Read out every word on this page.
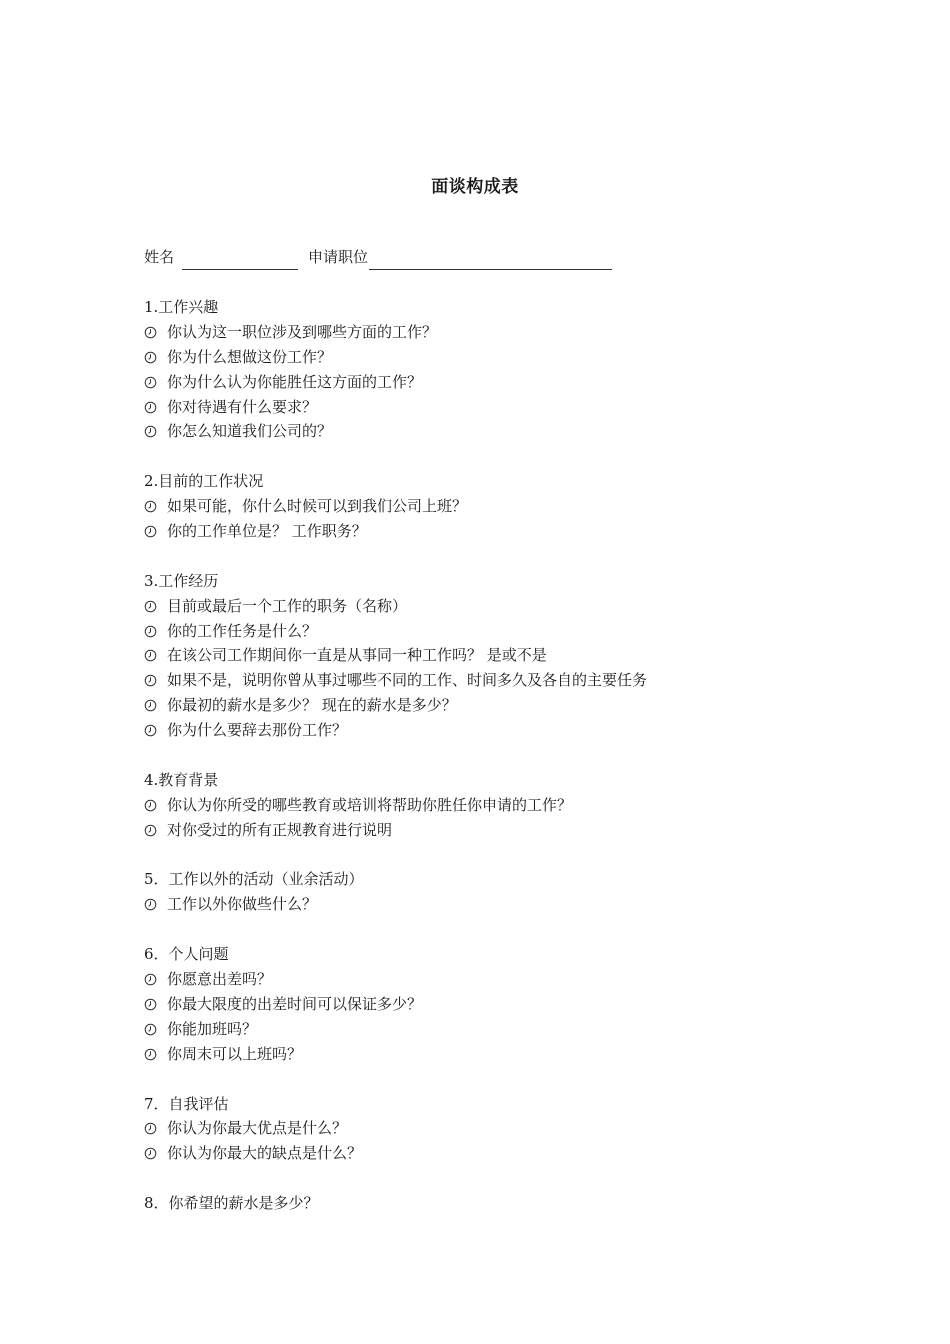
面谈构成表
姓名	申请职位
1.工作兴趣
你认为这一职位涉及到哪些方面的工作？
你为什么想做这份工作？
你为什么认为你能胜任这方面的工作？
你对待遇有什么要求？
你怎么知道我们公司的？
2.目前的工作状况
如果可能，你什么时候可以到我们公司上班？
你的工作单位是？ 工作职务？
3.工作经历
目前或最后一个工作的职务（名称）
你的工作任务是什么？
在该公司工作期间你一直是从事同一种工作吗？ 是或不是
如果不是，说明你曾从事过哪些不同的工作、时间多久及各自的主要任务
你最初的薪水是多少？ 现在的薪水是多少？
你为什么要辞去那份工作？
4.教育背景
你认为你所受的哪些教育或培训将帮助你胜任你申请的工作？
对你受过的所有正规教育进行说明
5．工作以外的活动（业余活动）
工作以外你做些什么？
6．个人问题
你愿意出差吗？
你最大限度的出差时间可以保证多少？
你能加班吗？
你周末可以上班吗？
7．自我评估
你认为你最大优点是什么？
你认为你最大的缺点是什么？
8．你希望的薪水是多少？
